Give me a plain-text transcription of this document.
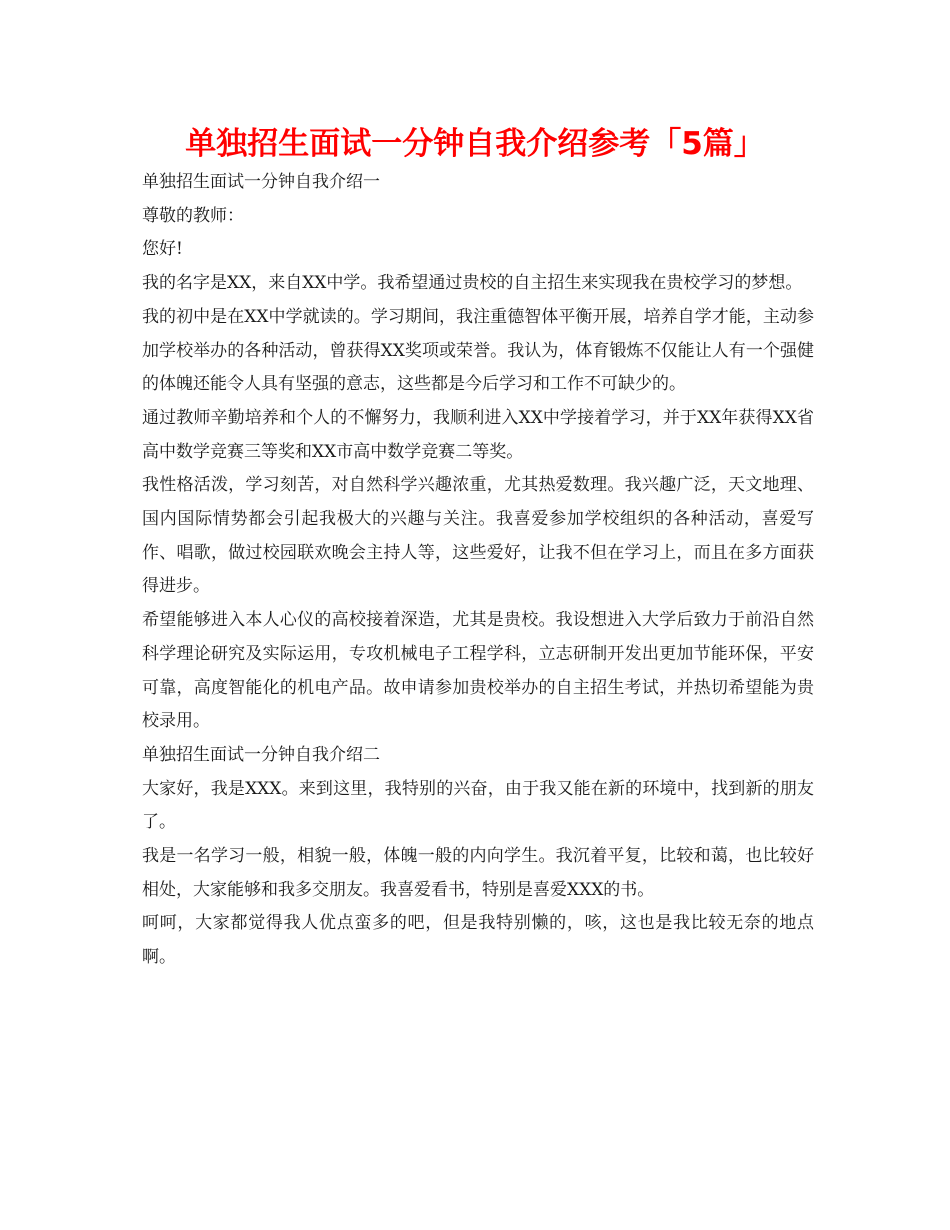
单独招生面试一分钟自我介绍参考「5篇」

单独招生面试一分钟自我介绍一

尊敬的教师：

您好!

我的名字是XX，来自XX中学。我希望通过贵校的自主招生来实现我在贵校学习的梦想。

我的初中是在XX中学就读的。学习期间，我注重德智体平衡开展，培养自学才能，主动参加学校举办的各种活动，曾获得XX奖项或荣誉。我认为，体育锻炼不仅能让人有一个强健的体魄还能令人具有坚强的意志，这些都是今后学习和工作不可缺少的。

通过教师辛勤培养和个人的不懈努力，我顺利进入XX中学接着学习，并于XX年获得XX省高中数学竞赛三等奖和XX市高中数学竞赛二等奖。

我性格活泼，学习刻苦，对自然科学兴趣浓重，尤其热爱数理。我兴趣广泛，天文地理、国内国际情势都会引起我极大的兴趣与关注。我喜爱参加学校组织的各种活动，喜爱写作、唱歌，做过校园联欢晚会主持人等，这些爱好，让我不但在学习上，而且在多方面获得进步。

希望能够进入本人心仪的高校接着深造，尤其是贵校。我设想进入大学后致力于前沿自然科学理论研究及实际运用，专攻机械电子工程学科，立志研制开发出更加节能环保，平安可靠，高度智能化的机电产品。故申请参加贵校举办的自主招生考试，并热切希望能为贵校录用。

单独招生面试一分钟自我介绍二

大家好，我是XXX。来到这里，我特别的兴奋，由于我又能在新的环境中，找到新的朋友了。

我是一名学习一般，相貌一般，体魄一般的内向学生。我沉着平复，比较和蔼，也比较好相处，大家能够和我多交朋友。我喜爱看书，特别是喜爱XXX的书。

呵呵，大家都觉得我人优点蛮多的吧，但是我特别懒的，咳，这也是我比较无奈的地点啊。
